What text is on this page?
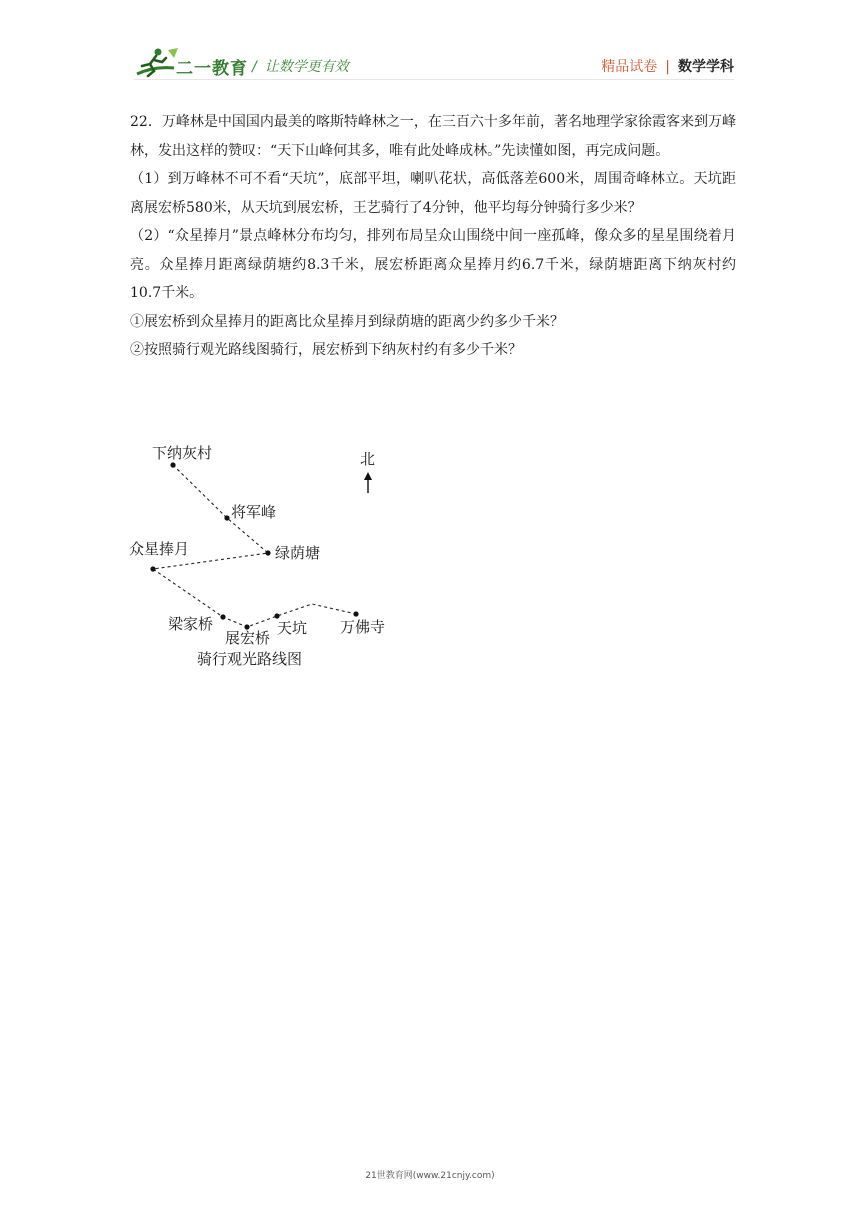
二一教育 / 让数学更有效	精品试卷 | 数学学科

22．万峰林是中国国内最美的喀斯特峰林之一，在三百六十多年前，著名地理学家徐霞客来到万峰林，发出这样的赞叹：“天下山峰何其多，唯有此处峰成林。”先读懂如图，再完成问题。

（1）到万峰林不可不看“天坑”，底部平坦，喇叭花状，高低落差600米，周围奇峰林立。天坑距离展宏桥580米，从天坑到展宏桥，王艺骑行了4分钟，他平均每分钟骑行多少米？

（2）“众星捧月”景点峰林分布均匀，排列布局呈众山围绕中间一座孤峰，像众多的星星围绕着月亮。众星捧月距离绿荫塘约8.3千米，展宏桥距离众星捧月约6.7千米，绿荫塘距离下纳灰村约10.7千米。

①展宏桥到众星捧月的距离比众星捧月到绿荫塘的距离少约多少千米？

②按照骑行观光路线图骑行，展宏桥到下纳灰村约有多少千米？

下纳灰村
将军峰
绿荫塘
众星捧月
梁家桥
展宏桥
天坑 万佛寺
骑行观光路线图
北
21世教育网(www.21cnjy.com)
